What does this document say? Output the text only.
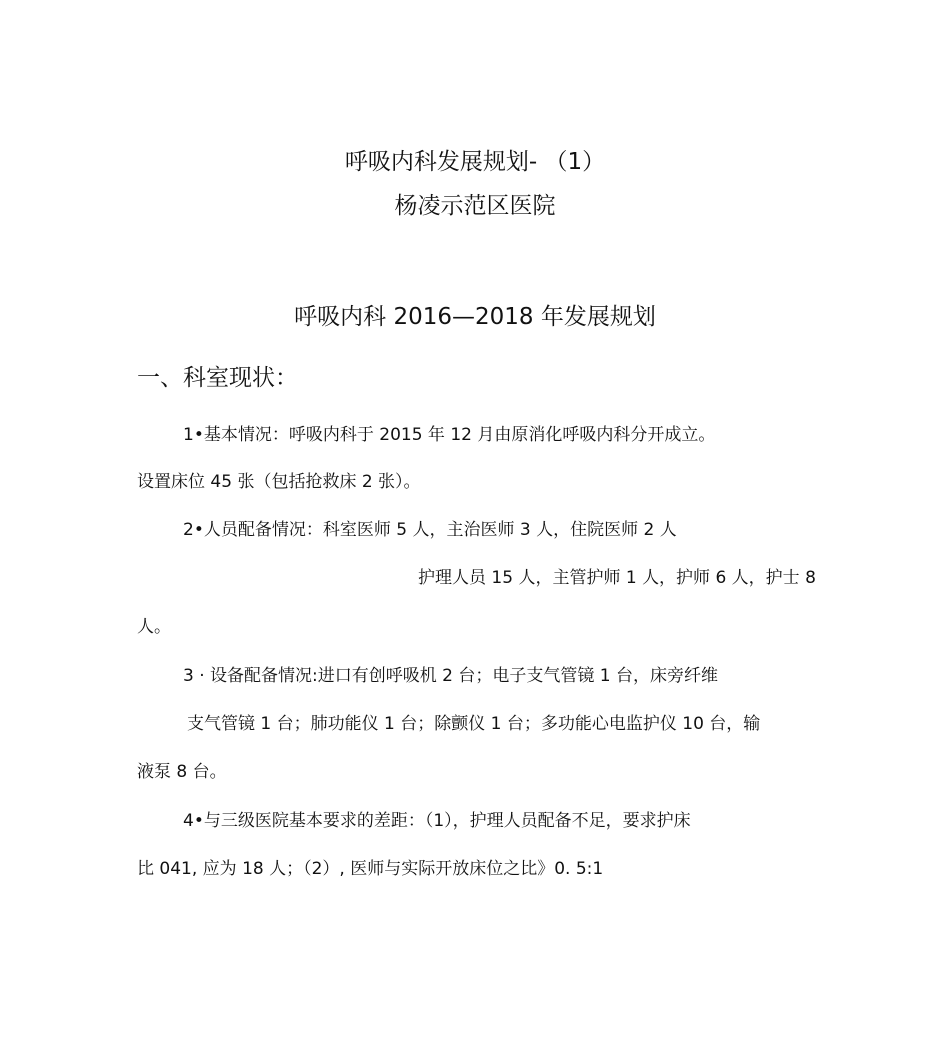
呼吸内科发展规划- （1）
杨凌示范区医院
呼吸内科 2016—2018 年发展规划
一、科室现状：
1•基本情况：呼吸内科于 2015 年 12 月由原消化呼吸内科分开成立。
设置床位 45 张（包括抢救床 2 张）。
2•人员配备情况：科室医师 5 人，主治医师 3 人，住院医师 2 人
护理人员 15 人，主管护师 1 人，护师 6 人，护士 8
人。
3 · 设备配备情况:进口有创呼吸机 2 台；电子支气管镜 1 台，床旁纤维
支气管镜 1 台；肺功能仪 1 台；除颤仪 1 台；多功能心电监护仪 10 台，输
液泵 8 台。
4•与三级医院基本要求的差距：（1），护理人员配备不足，要求护床
比 041, 应为 18 人；（2）, 医师与实际开放床位之比》0. 5:1
